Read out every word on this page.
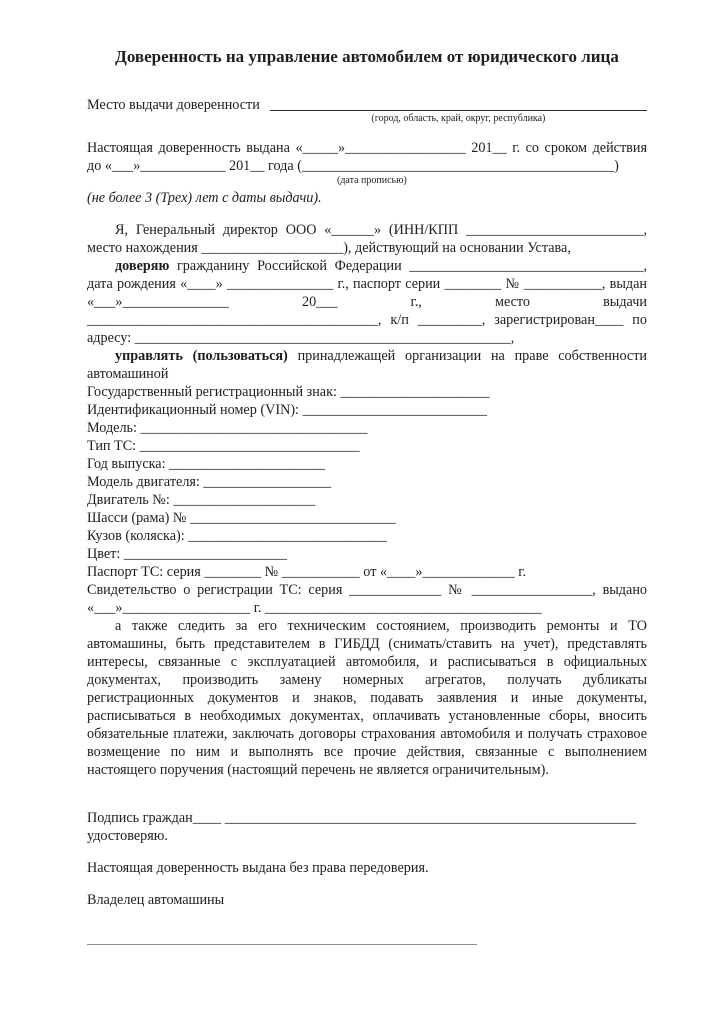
Доверенность на управление автомобилем от юридического лица
Место выдачи доверенности
(город, область, край, округ, республика)

Настоящая доверенность выдана «_____»_________________ 201__ г. со сроком действия до «___»____________ 201__ года (____________________________________________)

(дата прописью)

(не более 3 (Трех) лет с даты выдачи).

Я, Генеральный директор ООО «______» (ИНН/КПП _________________________, место нахождения ____________________), действующий на основании Устава,

доверяю гражданину Российской Федерации _________________________________, дата рождения «____» _______________ г., паспорт серии ________ № ___________, выдан «___»_______________ 20___ г., место выдачи _________________________________________, к/п _________, зарегистрирован____ по адресу: _____________________________________________________,

управлять (пользоваться) принадлежащей организации на праве собственности автомашиной

Государственный регистрационный знак: _____________________
Идентификационный номер (VIN): __________________________
Модель: ________________________________
Тип ТС: _______________________________
Год выпуска: ______________________
Модель двигателя: __________________
Двигатель №: ____________________
Шасси (рама) № _____________________________
Кузов (коляска): ____________________________
Цвет: _______________________
Паспорт ТС: серия ________ № ___________ от «____»_____________ г.
Свидетельство о регистрации ТС: серия _____________ № _________________, выдано «___»__________________ г. _______________________________________

а также следить за его техническим состоянием, производить ремонты и ТО автомашины, быть представителем в ГИБДД (снимать/ставить на учет), представлять интересы, связанные с эксплуатацией автомобиля, и расписываться в официальных документах, производить замену номерных агрегатов, получать дубликаты регистрационных документов и знаков, подавать заявления и иные документы, расписываться в необходимых документах, оплачивать установленные сборы, вносить обязательные платежи, заключать договоры страхования автомобиля и получать страховое возмещение по ним и выполнять все прочие действия, связанные с выполнением настоящего поручения (настоящий перечень не является ограничительным).

Подпись граждан____ __________________________________________________________

удостоверяю.

Настоящая доверенность выдана без права передоверия.

Владелец автомашины
